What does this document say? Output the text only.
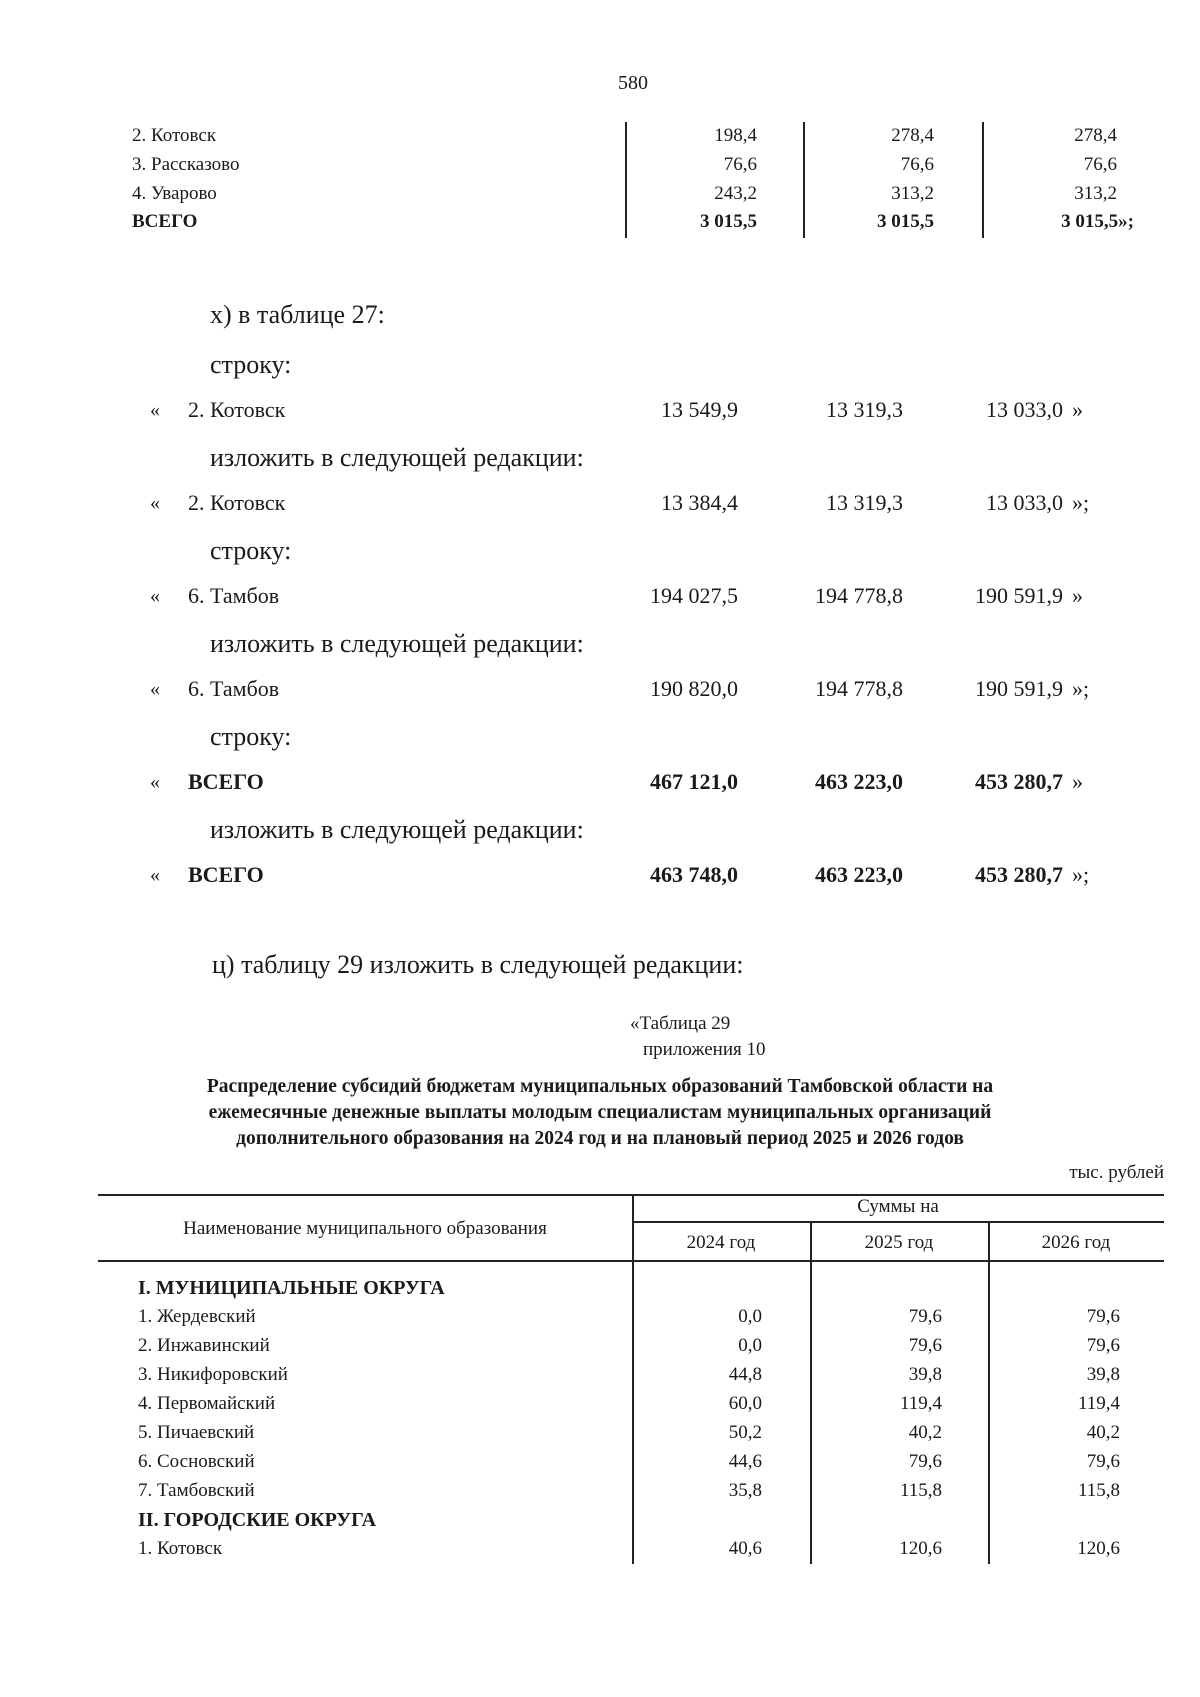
580
2. Котовск	198,4	278,4	278,4
3. Рассказово	76,6	76,6	76,6
4. Уварово	243,2	313,2	313,2
ВСЕГО	3 015,5	3 015,5	3 015,5»;
х) в таблице 27:
строку:
« 2. Котовск	13 549,9	13 319,3	13 033,0 »
изложить в следующей редакции:
« 2. Котовск	13 384,4	13 319,3	13 033,0 »;
строку:
« 6. Тамбов	194 027,5	194 778,8	190 591,9 »
изложить в следующей редакции:
« 6. Тамбов	190 820,0	194 778,8	190 591,9 »;
строку:
« ВСЕГО	467 121,0	463 223,0	453 280,7 »
изложить в следующей редакции:
« ВСЕГО	463 748,0	463 223,0	453 280,7 »;
ц) таблицу 29 изложить в следующей редакции:
«Таблица 29
приложения 10
Распределение субсидий бюджетам муниципальных образований Тамбовской области на
ежемесячные денежные выплаты молодым специалистам муниципальных организаций
дополнительного образования на 2024 год и на плановый период 2025 и 2026 годов
тыс. рублей
Наименование муниципального образования
Суммы на
2024 год	2025 год	2026 год
I. МУНИЦИПАЛЬНЫЕ ОКРУГА
1. Жердевский	0,0	79,6	79,6
2. Инжавинский	0,0	79,6	79,6
3. Никифоровский	44,8	39,8	39,8
4. Первомайский	60,0	119,4	119,4
5. Пичаевский	50,2	40,2	40,2
6. Сосновский	44,6	79,6	79,6
7. Тамбовский	35,8	115,8	115,8
II. ГОРОДСКИЕ ОКРУГА
1. Котовск	40,6	120,6	120,6
